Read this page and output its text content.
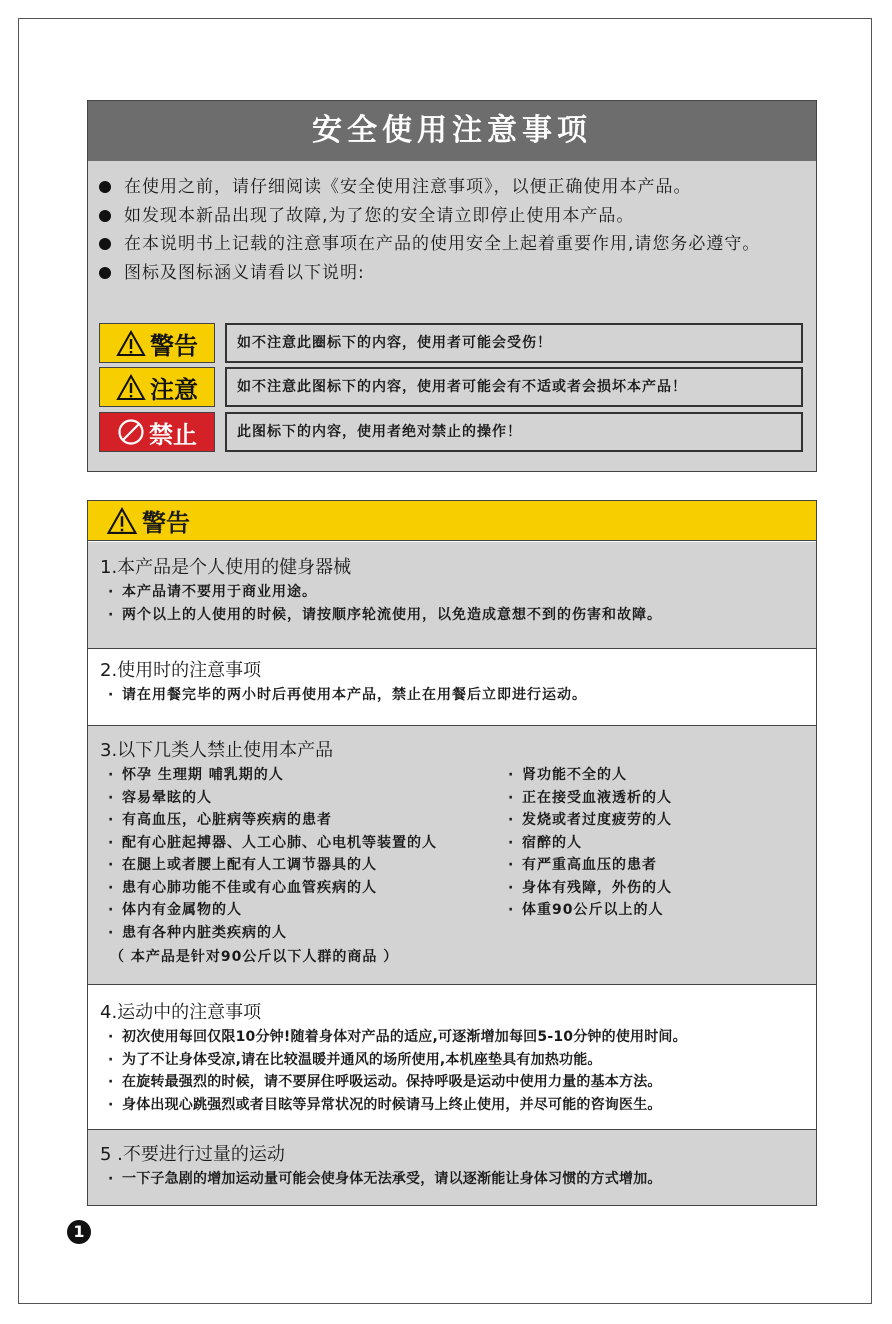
安全使用注意事项
在使用之前，请仔细阅读《安全使用注意事项》，以便正确使用本产品。
如发现本新品出现了故障,为了您的安全请立即停止使用本产品。
在本说明书上记载的注意事项在产品的使用安全上起着重要作用,请您务必遵守。
图标及图标涵义请看以下说明:
警告	如不注意此圈标下的内容，使用者可能会受伤！
注意	如不注意此图标下的内容，使用者可能会有不适或者会损坏本产品！
禁止	此图标下的内容，使用者绝对禁止的操作！
警告
1.本产品是个人使用的健身器械
· 本产品请不要用于商业用途。
· 两个以上的人使用的时候，请按顺序轮流使用，以免造成意想不到的伤害和故障。
2.使用时的注意事项
· 请在用餐完毕的两小时后再使用本产品，禁止在用餐后立即进行运动。
3.以下几类人禁止使用本产品
· 怀孕 生理期 哺乳期的人
· 容易晕眩的人
· 有高血压，心脏病等疾病的患者
· 配有心脏起搏器、人工心肺、心电机等装置的人
· 在腿上或者腰上配有人工调节器具的人
· 患有心肺功能不佳或有心血管疾病的人
· 体内有金属物的人
· 患有各种内脏类疾病的人
· 肾功能不全的人
· 正在接受血液透析的人
· 发烧或者过度疲劳的人
· 宿醉的人
· 有严重高血压的患者
· 身体有残障，外伤的人
· 体重90公斤以上的人
（ 本产品是针对90公斤以下人群的商品 ）
4.运动中的注意事项
· 初次使用每回仅限10分钟!随着身体对产品的适应,可逐渐增加每回5-10分钟的使用时间。
· 为了不让身体受凉,请在比较温暖并通风的场所使用,本机座垫具有加热功能。
· 在旋转最强烈的时候，请不要屏住呼吸运动。保持呼吸是运动中使用力量的基本方法。
· 身体出现心跳强烈或者目眩等异常状况的时候请马上终止使用，并尽可能的咨询医生。
5 .不要进行过量的运动
· 一下子急剧的增加运动量可能会使身体无法承受，请以逐渐能让身体习惯的方式增加。
1
